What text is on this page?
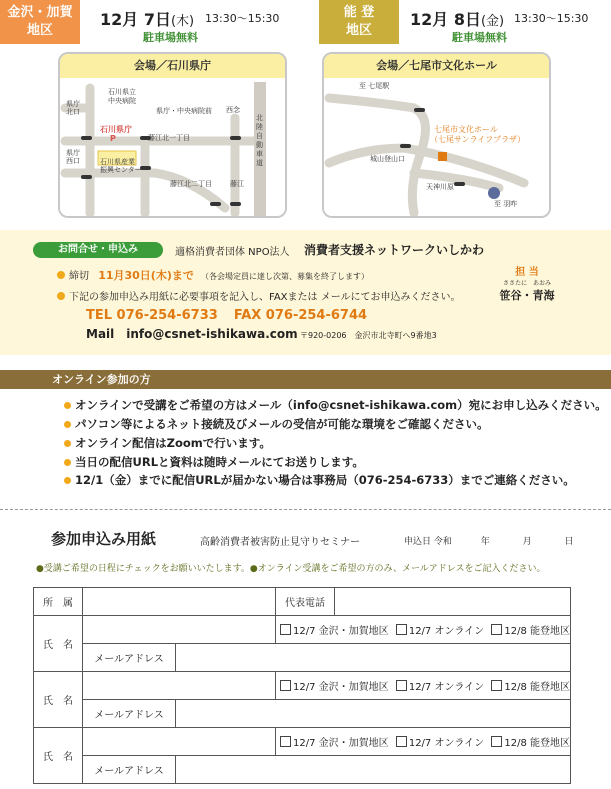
金沢・加賀
地区
12月 7日(木) 13:30～15:30
駐車場無料
能 登
地区
12月 8日(金) 13:30～15:30
駐車場無料
会場／石川県庁
石川県立
中央病院
県庁
北口	県庁・中央病院前 西念
石川県庁
P	藤江北一丁目
北陸自動車道
県庁
西口	石川県産業
振興センター
藤江北二丁目	藤江
会場／七尾市文化ホール
至 七尾駅
七尾市文化ホール
（七尾サンライフプラザ）
城山登山口
天神川原
至 羽咋
お問合せ・申込み	適格消費者団体 NPO法人 消費者支援ネットワークいしかわ
締切 11月30日(木)まで （各会場定員に達し次第、募集を終了します）
下記の参加申込み用紙に必要事項を記入し、FAXまたは メールにてお申込みください。
TEL 076-254-6733 FAX 076-254-6744
Mail info@csnet-ishikawa.com 〒920-0206　金沢市北寺町へ9番地3
担 当
ささたに　 あおみ
笹谷・青海
オンライン参加の方
オンラインで受講をご希望の方はメール（info@csnet-ishikawa.com）宛にお申し込みください。
パソコン等によるネット接続及びメールの受信が可能な環境をご確認ください。
オンライン配信はZoomで行います。
当日の配信URLと資料は随時メールにてお送りします。
12/1（金）までに配信URLが届かない場合は事務局（076-254-6733）までご連絡ください。
参加申込み用紙	高齢消費者被害防止見守りセミナー	申込日 令和	年	月	日
●受講ご希望の日程にチェックをお願いいたします。●オンライン受講をご希望の方のみ、メールアドレスをご記入ください。
所　属			代表電話	
氏　名			12/7 金沢・加賀地区 12/7 オンライン 12/8 能登地区	
	メールアドレス			
氏　名			12/7 金沢・加賀地区 12/7 オンライン 12/8 能登地区	
	メールアドレス			
氏　名			12/7 金沢・加賀地区 12/7 オンライン 12/8 能登地区	
	メールアドレス			
